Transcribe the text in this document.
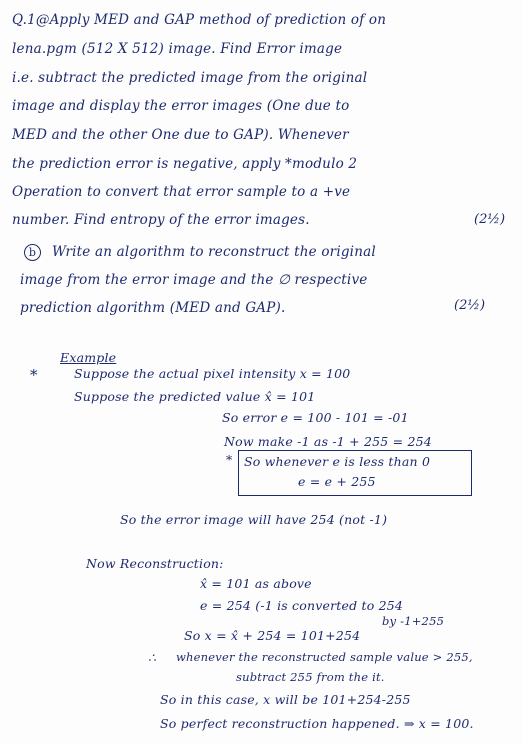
Q.1@Apply MED and GAP method of prediction of on
lena.pgm (512 X 512) image. Find Error image
i.e. subtract the predicted image from the original
image and display the error images (One due to
MED and the other One due to GAP). Whenever
the prediction error is negative, apply *modulo 2
Operation to convert that error sample to a +ve
number. Find entropy of the error images.	(2½)
b	Write an algorithm to reconstruct the original
image from the error image and the ∅ respective
prediction algorithm (MED and GAP).	(2½)
*
Example
Suppose the actual pixel intensity x = 100
Suppose the predicted value x̂ = 101
So error e = 100 - 101 = -01
Now make -1 as -1 + 255 = 254
* So whenever e is less than 0
e = e + 255
So the error image will have 254 (not -1)
Now Reconstruction:
x̂ = 101 as above
e = 254 (-1 is converted to 254
by -1+255
So x = x̂ + 254 = 101+254
∴ whenever the reconstructed sample value > 255,
subtract 255 from the it.
So in this case, x will be 101+254-255
So perfect reconstruction happened. ⇒ x = 100.
